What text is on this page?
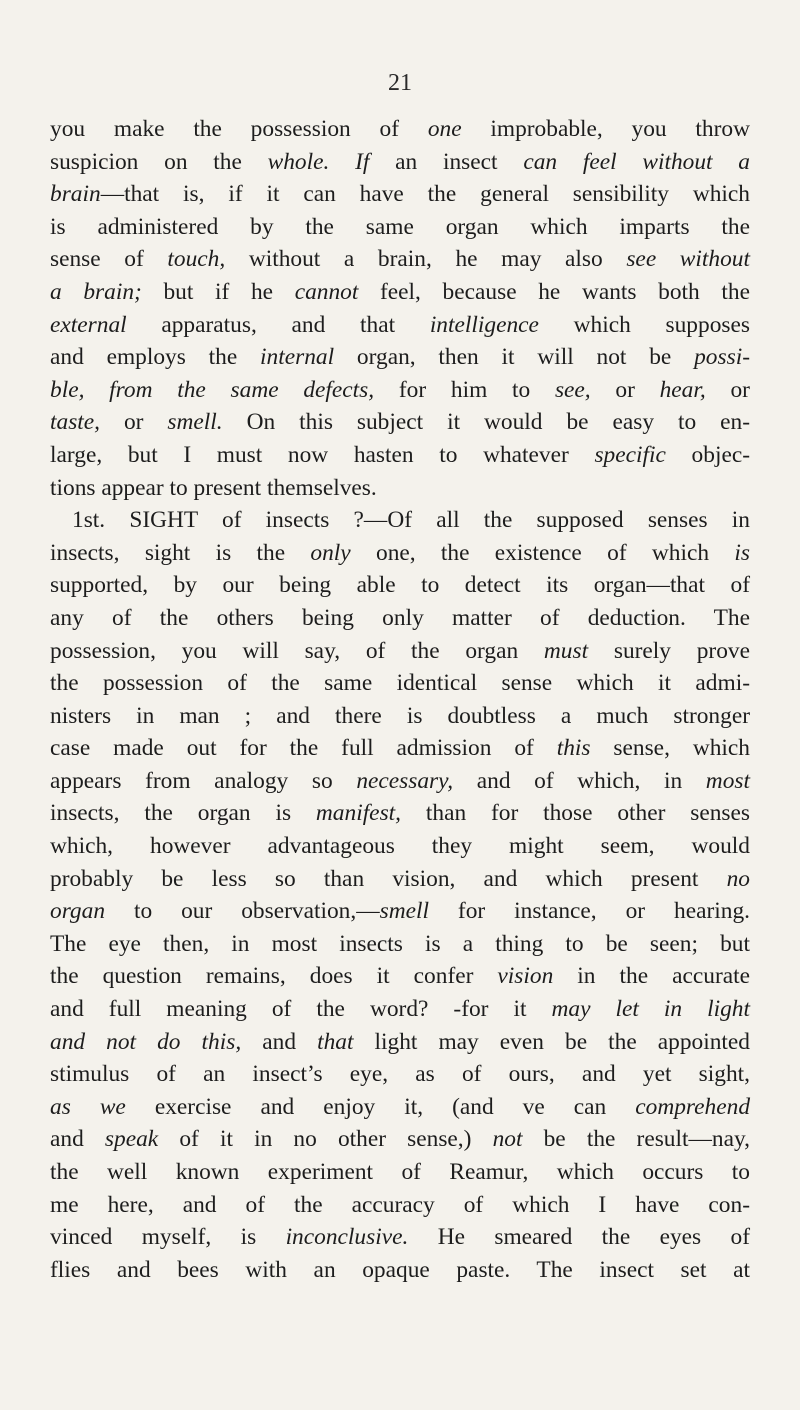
21
you make the possession of one improbable, you throw
suspicion on the whole. If an insect can feel without a
brain—that is, if it can have the general sensibility which
is administered by the same organ which imparts the
sense of touch, without a brain, he may also see without
a brain; but if he cannot feel, because he wants both the
external apparatus, and that intelligence which supposes
and employs the internal organ, then it will not be possi-
ble, from the same defects, for him to see, or hear, or
taste, or smell. On this subject it would be easy to en-
large, but I must now hasten to whatever specific objec-
tions appear to present themselves.
1st. SIGHT of insects ?—Of all the supposed senses in
insects, sight is the only one, the existence of which is
supported, by our being able to detect its organ—that of
any of the others being only matter of deduction. The
possession, you will say, of the organ must surely prove
the possession of the same identical sense which it admi-
nisters in man ; and there is doubtless a much stronger
case made out for the full admission of this sense, which
appears from analogy so necessary, and of which, in most
insects, the organ is manifest, than for those other senses
which, however advantageous they might seem, would
probably be less so than vision, and which present no
organ to our observation,—smell for instance, or hearing.
The eye then, in most insects is a thing to be seen; but
the question remains, does it confer vision in the accurate
and full meaning of the word? -for it may let in light
and not do this, and that light may even be the appointed
stimulus of an insect’s eye, as of ours, and yet sight,
as we exercise and enjoy it, (and ve can comprehend
and speak of it in no other sense,) not be the result—nay,
the well known experiment of Reamur, which occurs to
me here, and of the accuracy of which I have con-
vinced myself, is inconclusive. He smeared the eyes of
flies and bees with an opaque paste. The insect set at
